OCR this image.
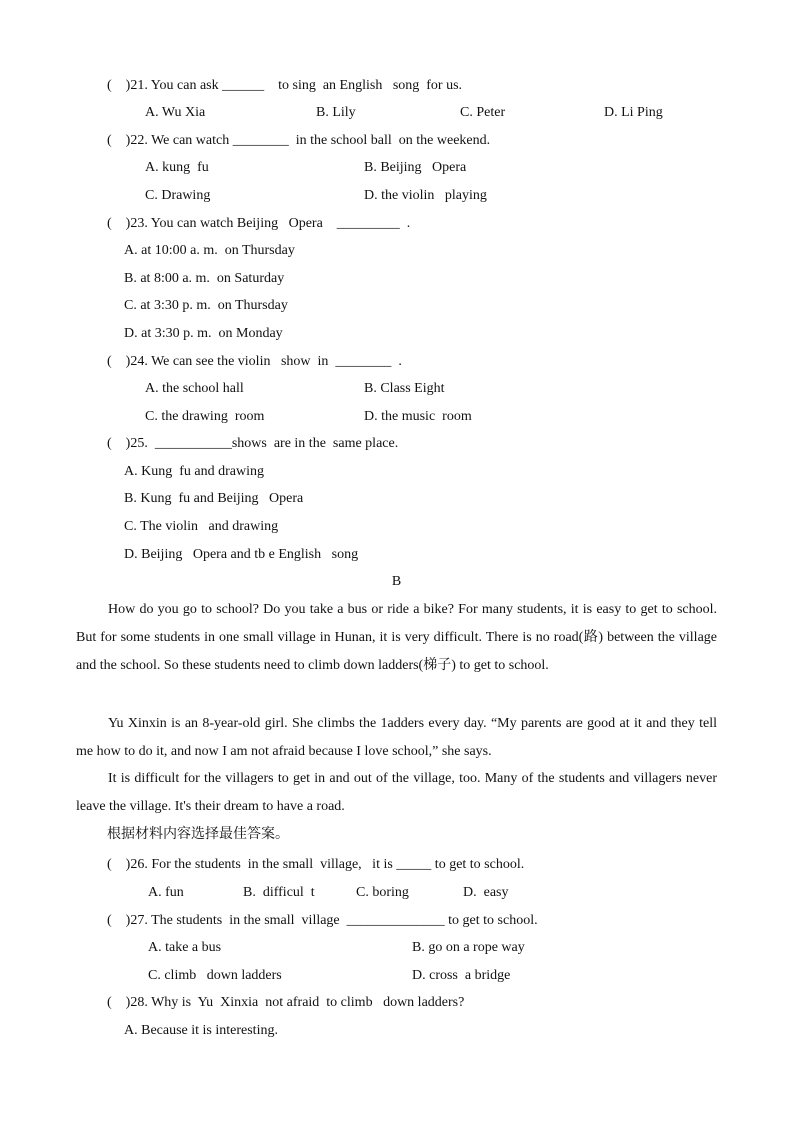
(    )21. You can ask ______    to sing  an English   song  for us.
A. Wu Xia	B. Lily	C. Peter	D. Li Ping
(    )22. We can watch ________  in the school ball  on the weekend.
A. kung  fu	B. Beijing   Opera
C. Drawing	D. the violin   playing
(    )23. You can watch Beijing   Opera    _________  .
A. at 10:00 a. m.  on Thursday
B. at 8:00 a. m.  on Saturday
C. at 3:30 p. m.  on Thursday
D. at 3:30 p. m.  on Monday
(    )24. We can see the violin   show  in  ________  .
A. the school hall	B. Class Eight
C. the drawing  room	D. the music  room
(    )25.  ___________shows  are in the  same place.
A. Kung  fu and drawing
B. Kung  fu and Beijing   Opera
C. The violin   and drawing
D. Beijing   Opera and tb e English   song
B
How do you go to school? Do you take a bus or ride a bike? For many students, it is easy to get to school. But for some students in one small village in Hunan, it is very difficult. There is no road(路) between the village and the school. So these students need to climb down ladders(梯子) to get to school.
Yu Xinxin is an 8-year-old girl. She climbs the 1adders every day. “My parents are good at it and they tell me how to do it, and now I am not afraid because I love school,” she says.
It is difficult for the villagers to get in and out of the village, too. Many of the students and villagers never leave the village. It's their dream to have a road.
根据材料内容选择最佳答案。
(    )26. For the students  in the small  village,   it is _____ to get to school.
A. fun	B.  difficul  t	C. boring	D.  easy
(    )27. The students  in the small  village  ______________ to get to school.
A. take a bus	B. go on a rope way
C. climb   down ladders	D. cross  a bridge
(    )28. Why is  Yu  Xinxia  not afraid  to climb   down ladders?
A. Because it is interesting.
